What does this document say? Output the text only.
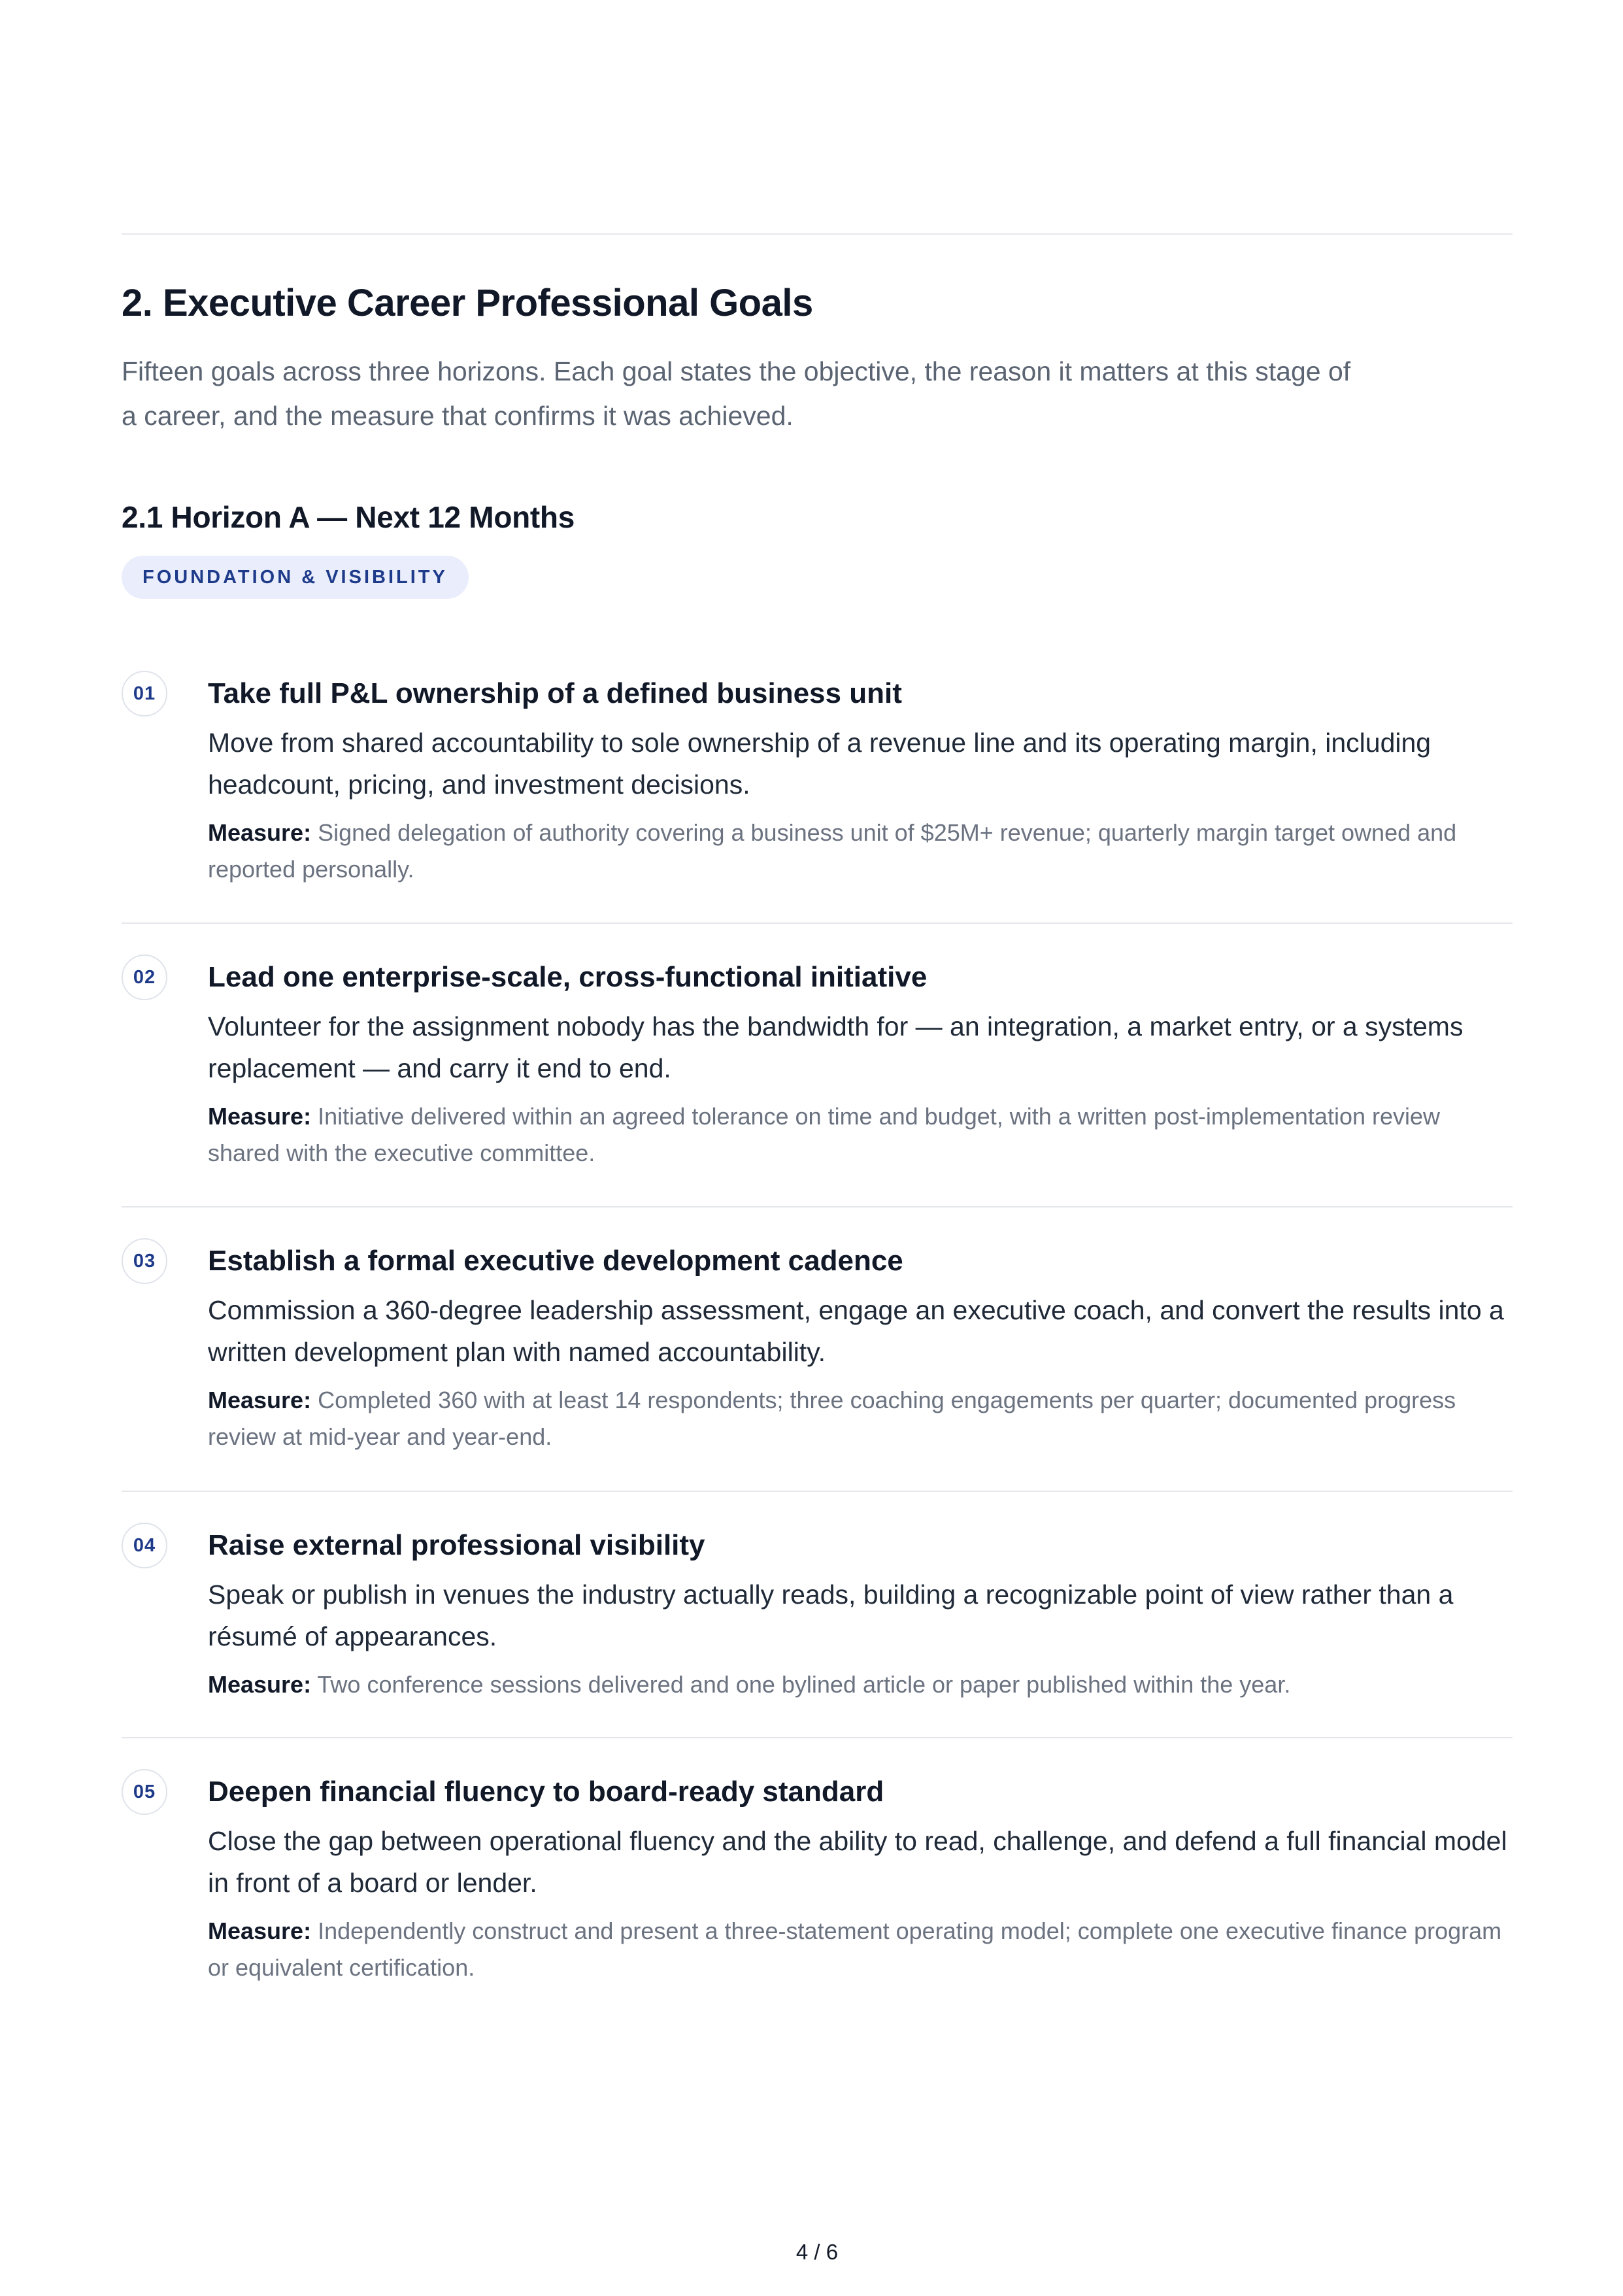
2. Executive Career Professional Goals

Fifteen goals across three horizons. Each goal states the objective, the reason it matters at this stage of a career, and the measure that confirms it was achieved.

2.1 Horizon A — Next 12 Months
FOUNDATION & VISIBILITY
01	Take full P&L ownership of a defined business unit

Move from shared accountability to sole ownership of a revenue line and its operating margin, including headcount, pricing, and investment decisions.

Measure: Signed delegation of authority covering a business unit of $25M+ revenue; quarterly margin target owned and reported personally.

02	Lead one enterprise-scale, cross-functional initiative

Volunteer for the assignment nobody has the bandwidth for — an integration, a market entry, or a systems replacement — and carry it end to end.

Measure: Initiative delivered within an agreed tolerance on time and budget, with a written post-implementation review shared with the executive committee.

03	Establish a formal executive development cadence

Commission a 360-degree leadership assessment, engage an executive coach, and convert the results into a written development plan with named accountability.

Measure: Completed 360 with at least 14 respondents; three coaching engagements per quarter; documented progress review at mid-year and year-end.

04	Raise external professional visibility

Speak or publish in venues the industry actually reads, building a recognizable point of view rather than a résumé of appearances.

Measure: Two conference sessions delivered and one bylined article or paper published within the year.

05	Deepen financial fluency to board-ready standard

Close the gap between operational fluency and the ability to read, challenge, and defend a full financial model in front of a board or lender.

Measure: Independently construct and present a three-statement operating model; complete one executive finance program or equivalent certification.

4 / 6
